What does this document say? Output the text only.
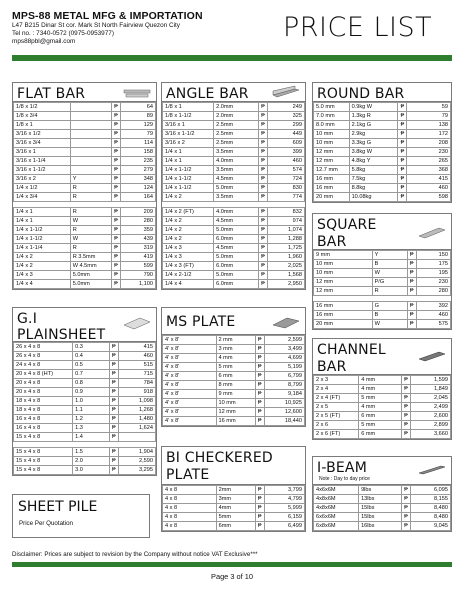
MPS-88 METAL MFG & IMPORTATION
L47 B215 Dinar St cor. Mark St North Fairview Quezon City
Tel no. : 7340-0572 (0975-0953977)
mps88pbl@gmail.com	PRICE LIST
FLAT BAR
1/8 x 1/2		₱	64
1/8 x 3/4		₱	89
1/8 x 1		₱	129
3/16 x 1/2		₱	79
3/16 x 3/4		₱	114
3/16 x 1		₱	158
3/16 x 1-1/4		₱	235
3/16 x 1-1/2		₱	279
3/16 x 2	Y	₱	348
1/4 x 1/2	R	₱	124
1/4 x 3/4	R	₱	164

1/4 x 1	R	₱	209
1/4 x 1	W	₱	280
1/4 x 1-1/2	R	₱	359
1/4 x 1-1/2	W	₱	439
1/4 x 1-1/4	R	₱	319
1/4 x 2	R 3.5mm	₱	419
1/4 x 2	W 4.5mm	₱	599
1/4 x 3	5.0mm	₱	790
1/4 x 4	5.0mm	₱	1,100
ANGLE BAR
1/8 x 1	2.0mm	₱	249
1/8 x 1-1/2	2.0mm	₱	325
3/16 x 1	2.5mm	₱	299
3/16 x 1-1/2	2.5mm	₱	449
3/16 x 2	2.5mm	₱	609
1/4 x 1	3.5mm	₱	399
1/4 x 1	4.0mm	₱	460
1/4 x 1-1/2	3.5mm	₱	574
1/4 x 1-1/2	4.5mm	₱	724
1/4 x 1-1/2	5.0mm	₱	830
1/4 x 2	3.5mm	₱	774

1/4 x 2 (FT)	4.0mm	₱	832
1/4 x 2	4.5mm	₱	974
1/4 x 2	5.0mm	₱	1,074
1/4 x 2	6.0mm	₱	1,288
1/4 x 3	4.5mm	₱	1,725
1/4 x 3	5.0mm	₱	1,960
1/4 x 3 (FT)	6.0mm	₱	2,025
1/4 x 2-1/2	5.0mm	₱	1,568
1/4 x 4	6.0mm	₱	2,950
ROUND BAR
5.0 mm	0.9kg W	₱	59
7.0 mm	1.3kg R	₱	79
8.0 mm	2.1kg G	₱	138
10 mm	2.9kg	₱	172
10 mm	3.3kg G	₱	208
12 mm	3.8kg W	₱	230
12 mm	4.8kg Y	₱	265
12.7 mm	5.8kg	₱	368
16 mm	7.5kg	₱	415
16 mm	8.8kg	₱	460
20 mm	10.08kg	₱	598
SQUARE BAR
9 mm	Y	₱	150
10 mm	B	₱	175
10 mm	W	₱	195
12 mm	P/G	₱	230
12 mm	R	₱	280

16 mm	G	₱	392
16 mm	B	₱	460
20 mm	W	₱	575
G.I PLAINSHEET
26 x 4 x 8	0.3	₱	415
26 x 4 x 8	0.4	₱	460
24 x 4 x 8	0.5	₱	515
20 x 4 x 8 (HT)	0.7	₱	715
20 x 4 x 8	0.8	₱	784
20 x 4 x 8	0.9	₱	918
18 x 4 x 8	1.0	₱	1,098
18 x 4 x 8	1.1	₱	1,268
16 x 4 x 8	1.2	₱	1,480
16 x 4 x 8	1.3	₱	1,624
15 x 4 x 8	1.4	₱	

15 x 4 x 8	1.5	₱	1,904
15 x 4 x 8	2.0	₱	2,590
15 x 4 x 8	3.0	₱	3,295
MS PLATE
4' x 8'	2 mm	₱	2,599
4' x 8'	3 mm	₱	3,499
4' x 8'	4 mm	₱	4,699
4' x 8'	5 mm	₱	5,199
4' x 8'	6 mm	₱	6,799
4' x 8'	8 mm	₱	8,799
4' x 8'	9 mm	₱	9,184
4' x 8'	10 mm	₱	10,925
4' x 8'	12 mm	₱	12,600
4' x 8'	16 mm	₱	18,440
CHANNEL BAR
2 x 3	4 mm	₱	1,599
2 x 4	4 mm	₱	1,849
2 x 4 (FT)	5 mm	₱	2,045
2 x 5	4 mm	₱	2,499
2 x 5 (FT)	6 mm	₱	2,600
2 x 6	5 mm	₱	2,899
2 x 6 (FT)	6 mm	₱	3,660
BI CHECKERED PLATE
4 x 8	2mm	₱	3,799
4 x 8	3mm	₱	4,799
4 x 8	4mm	₱	5,999
4 x 8	5mm	₱	6,159
4 x 8	6mm	₱	6,499
I-BEAM
Note : Day to day price
4x6x6M	9lbs	₱	6,095
4x8x6M	13lbs	₱	8,155
4x8x6M	15lbs	₱	8,480
6x6x6M	15lbs	₱	8,480
6x8x6M	16lbs	₱	9,045
SHEET PILE
Price Per Quotation
Disclaimer: Prices are subject to revision by the Company without notice VAT Exclusive***
Page 3 of 10
